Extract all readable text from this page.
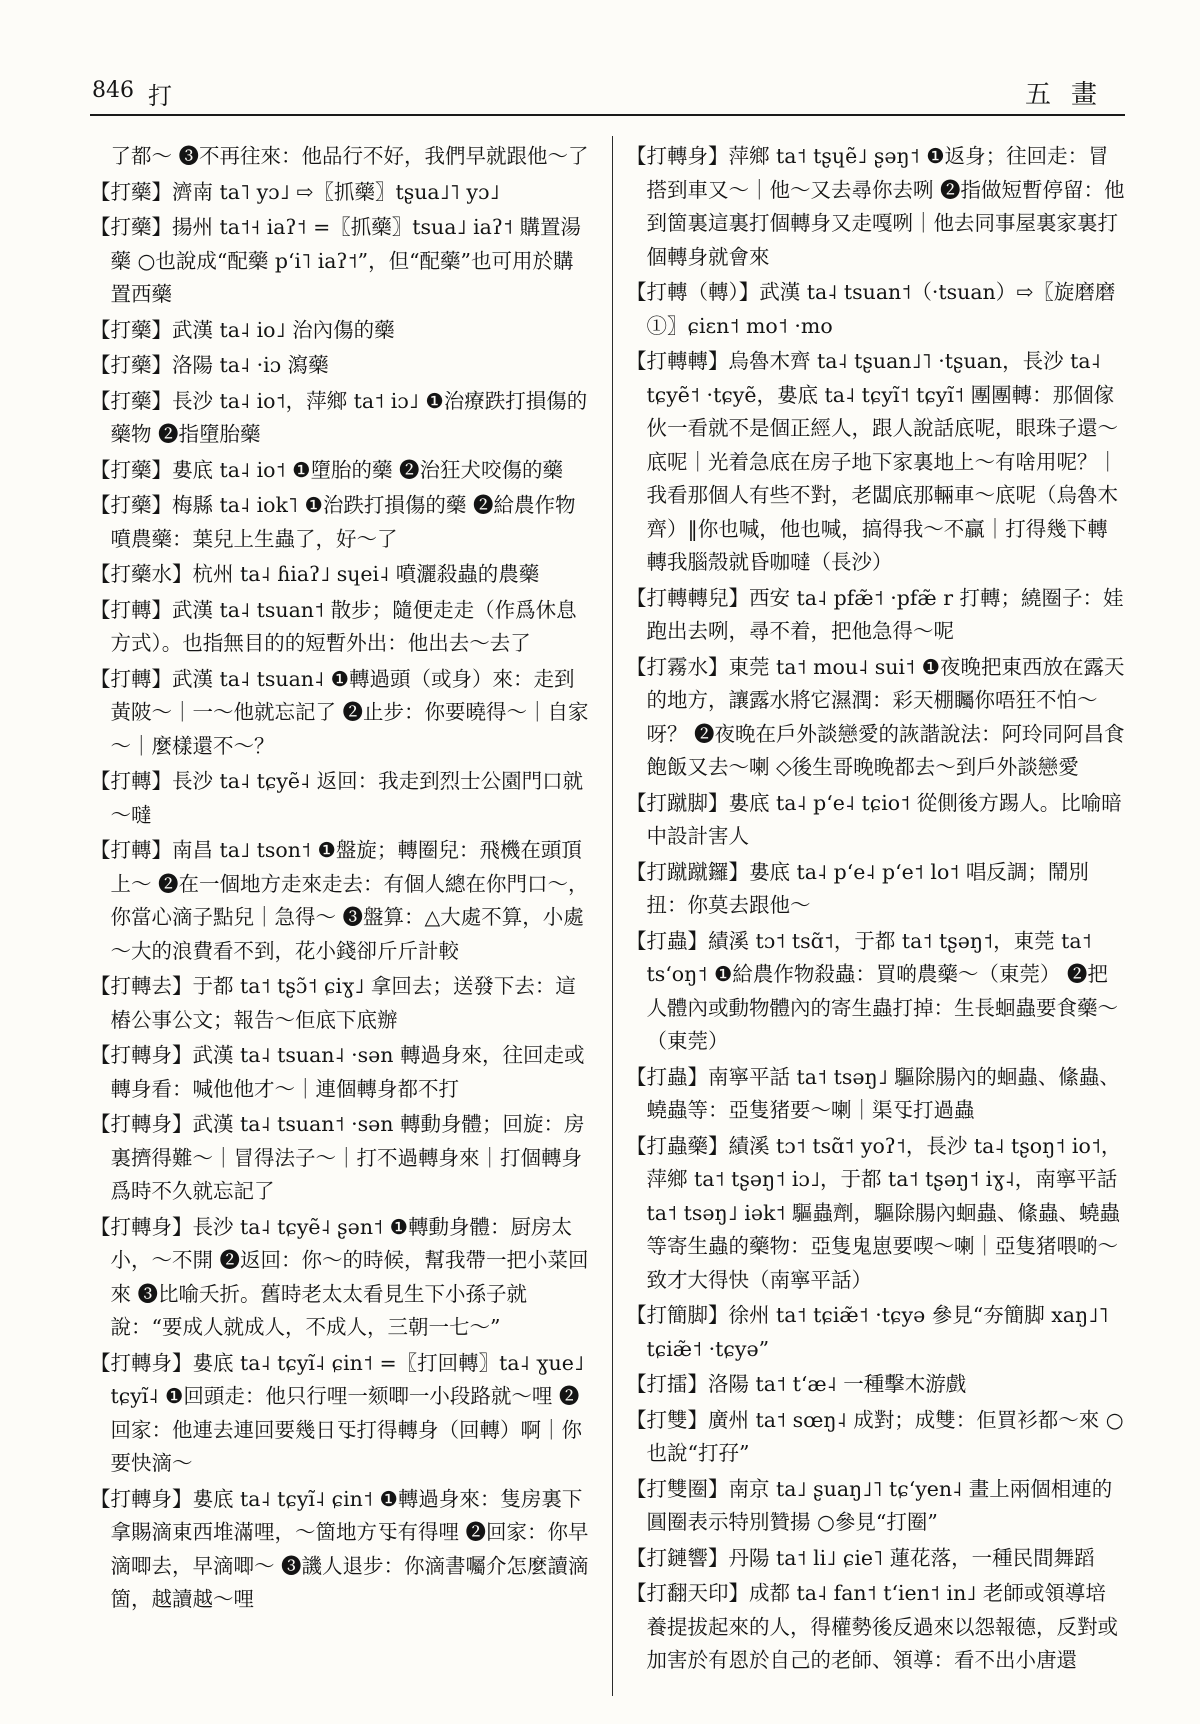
846 打	五畫

了都～ ❸不再往來：他品行不好，我們早就跟他～了

【打藥】濟南 ta˥ yɔ˩ ⇨〖抓藥〗tʂua˩˥ yɔ˩

【打藥】揚州 ta˦˧ iaʔ˦ =〖抓藥〗tsua˩ iaʔ˦ 購置湯藥 ○也說成“配藥 pʻi˥ iaʔ˦”，但“配藥”也可用於購置西藥

【打藥】武漢 ta˨ io˩ 治內傷的藥

【打藥】洛陽 ta˨ ·iɔ 瀉藥

【打藥】長沙 ta˨ io˦，萍鄉 ta˦ iɔ˩ ❶治療跌打損傷的藥物 ❷指墮胎藥

【打藥】婁底 ta˨ io˦ ❶墮胎的藥 ❷治狂犬咬傷的藥

【打藥】梅縣 ta˨ iok˥ ❶治跌打損傷的藥 ❷給農作物噴農藥：葉兒上生蟲了，好～了

【打藥水】杭州 ta˨ ɦiaʔ˩ sɥei˨ 噴灑殺蟲的農藥

【打轉】武漢 ta˨ tsuan˦ 散步；隨便走走（作爲休息方式）。也指無目的的短暫外出：他出去～去了

【打轉】武漢 ta˨ tsuan˨ ❶轉過頭（或身）來：走到黃陂～｜一～他就忘記了 ❷止步：你要曉得～｜自家～｜麼樣還不～？

【打轉】長沙 ta˨ tɕyẽ˨ 返回：我走到烈士公園門口就～噠

【打轉】南昌 ta˩ tson˦ ❶盤旋；轉圈兒：飛機在頭頂上～ ❷在一個地方走來走去：有個人總在你門口～，你當心滴子點兒｜急得～ ❸盤算：△大處不算，小處～大的浪費看不到，花小錢卻斤斤計較

【打轉去】于都 ta˦ tʂɔ̃˦ ɕiɣ˩ 拿回去；送發下去：這樁公事公文；報告～佢底下底辦

【打轉身】武漢 ta˨ tsuan˨ ·sən 轉過身來，往回走或轉身看：喊他他才～｜連個轉身都不打

【打轉身】武漢 ta˨ tsuan˦ ·sən 轉動身體；回旋：房裏擠得難～｜冒得法子～｜打不過轉身來｜打個轉身爲時不久就忘記了

【打轉身】長沙 ta˨ tɕyẽ˨ ʂən˦ ❶轉動身體：厨房太小，～不開 ❷返回：你～的時候，幫我帶一把小菜回來 ❸比喻夭折。舊時老太太看見生下小孫子就說：“要成人就成人，不成人，三朝一七～”

【打轉身】婁底 ta˨ tɕyĩ˨ ɕin˦ =〖打回轉〗ta˨ ɣue˩ tɕyĩ˨ ❶回頭走：他只行哩一颏唧一小段路就～哩 ❷回家：他連去連回要幾日㸦打得轉身（回轉）啊｜你要快滴～

【打轉身】婁底 ta˨ tɕyĩ˨ ɕin˦ ❶轉過身來：隻房裏下拿賜滴東西堆滿哩，～箇地方㸦有得哩 ❷回家：你早滴唧去，早滴唧～ ❸譏人退步：你滴書囑介怎麼讀滴箇，越讀越～哩

【打轉身】萍鄉 ta˦ tʂɥẽ˩ ʂəŋ˦ ❶返身；往回走：冒搭到車又～｜他～又去尋你去咧 ❷指做短暫停留：他到箇裏這裏打個轉身又走嘎咧｜他去同事屋裏家裏打個轉身就會來

【打轉（轉）】武漢 ta˨ tsuan˦（·tsuan）⇨〖旋磨磨①〗ɕiɛn˦ mo˦ ·mo

【打轉轉】烏魯木齊 ta˨ tʂuan˩˥ ·tʂuan，長沙 ta˨ tɕyẽ˦ ·tɕyẽ，婁底 ta˨ tɕyĩ˦ tɕyĩ˦ 團團轉：那個傢伙一看就不是個正經人，跟人說話底呢，眼珠子還～底呢｜光着急底在房子地下家裏地上～有啥用呢？｜我看那個人有些不對，老闆底那輛車～底呢（烏魯木齊）‖你也喊，他也喊，搞得我～不贏｜打得幾下轉轉我腦殼就昏咖噠（長沙）

【打轉轉兒】西安 ta˨ pfæ̃˦ ·pfæ̃ r 打轉；繞圈子：娃跑出去咧，尋不着，把他急得～呢

【打霧水】東莞 ta˦ mou˨ sui˦ ❶夜晚把東西放在露天的地方，讓露水將它濕潤：彩天棚矚你唔狂不怕～呀？ ❷夜晚在戶外談戀愛的詼諧說法：阿玲同阿昌食飽飯又去～喇 ◇後生哥晚晚都去～到戶外談戀愛

【打蹴脚】婁底 ta˨ pʻe˨ tɕio˦ 從側後方踢人。比喻暗中設計害人

【打蹴蹴鑼】婁底 ta˨ pʻe˨ pʻe˦ lo˦ 唱反調；鬧別扭：你莫去跟他～

【打蟲】績溪 tɔ˦ tsɑ̃˦，于都 ta˦ tʂəŋ˦，東莞 ta˦ tsʻoŋ˦ ❶給農作物殺蟲：買啲農藥～（東莞） ❷把人體內或動物體內的寄生蟲打掉：生長蛔蟲要食藥～（東莞）

【打蟲】南寧平話 ta˦ tsəŋ˩ 驅除腸內的蛔蟲、絛蟲、蟯蟲等：亞隻猪要～喇｜渠㸦打過蟲

【打蟲藥】績溪 tɔ˦ tsɑ̃˦ yoʔ˦，長沙 ta˨ tʂoŋ˦ io˦，萍鄉 ta˦ tʂəŋ˦ iɔ˩，于都 ta˦ tʂəŋ˦ iɣ˨，南寧平話 ta˦ tsəŋ˩ iək˦ 驅蟲劑，驅除腸內蛔蟲、絛蟲、蟯蟲等寄生蟲的藥物：亞隻鬼崽要喫～喇｜亞隻猪喂啲～致才大得快（南寧平話）

【打簡脚】徐州 ta˦ tɕiæ̃˦ ·tɕyə 參見“夯簡脚 xaŋ˩˥ tɕiæ̃˦ ·tɕyə”

【打擂】洛陽 ta˦ tʻæ˨ 一種擊木游戲

【打雙】廣州 ta˦ sœŋ˨ 成對；成雙：佢買衫都～來 ○也說“打孖”

【打雙圈】南京 ta˩ ʂuaŋ˩˥ tɕʻyen˨ 畫上兩個相連的圓圈表示特別贊揚 ○參見“打圈”

【打鏈響】丹陽 ta˦ li˩ ɕie˥ 蓮花落，一種民間舞蹈

【打翻天印】成都 ta˨ fan˦ tʻien˦ in˩ 老師或領導培養提拔起來的人，得權勢後反過來以怨報德，反對或加害於有恩於自己的老師、領導：看不出小唐還
